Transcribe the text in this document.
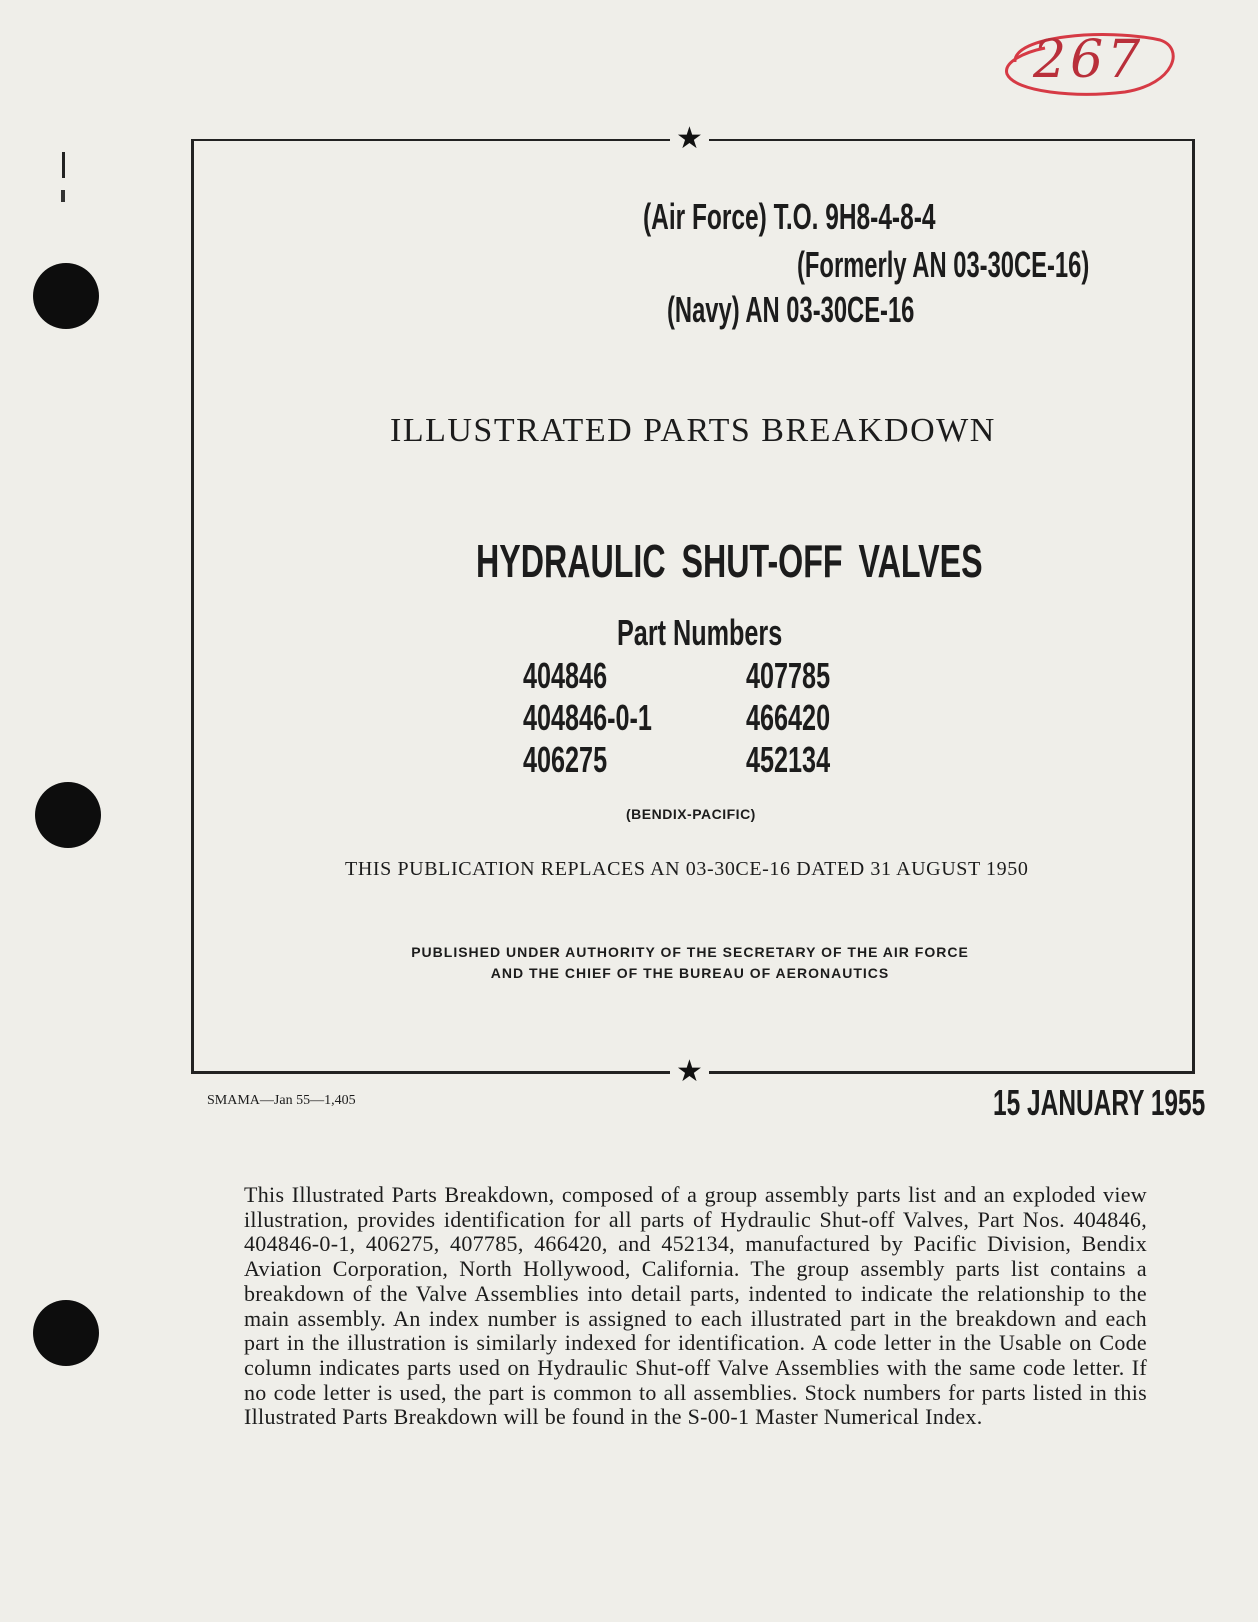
267
★
★
(Air Force) T.O. 9H8-4-8-4
(Formerly AN 03-30CE-16)
(Navy) AN 03-30CE-16
ILLUSTRATED PARTS BREAKDOWN
HYDRAULIC SHUT-OFF VALVES
Part Numbers
404846
404846-0-1
406275
407785
466420
452134
(BENDIX-PACIFIC)
THIS PUBLICATION REPLACES AN 03-30CE-16 DATED 31 AUGUST 1950
PUBLISHED UNDER AUTHORITY OF THE SECRETARY OF THE AIR FORCE
AND THE CHIEF OF THE BUREAU OF AERONAUTICS
SMAMA—Jan 55—1,405	15 JANUARY 1955
This Illustrated Parts Breakdown, composed of a group assembly parts list and an exploded view illustration, provides identification for all parts of Hydraulic Shut-off Valves, Part Nos. 404846, 404846-0-1, 406275, 407785, 466420, and 452134, manufactured by Pacific Division, Bendix Aviation Corporation, North Hollywood, California. The group assembly parts list contains a breakdown of the Valve Assemblies into detail parts, indented to indicate the relationship to the main assembly. An index number is assigned to each illustrated part in the breakdown and each part in the illustration is similarly indexed for identification. A code letter in the Usable on Code column indicates parts used on Hydraulic Shut-off Valve Assemblies with the same code letter. If no code letter is used, the part is common to all assemblies. Stock numbers for parts listed in this Illustrated Parts Breakdown will be found in the S-00-1 Master Numerical Index.
